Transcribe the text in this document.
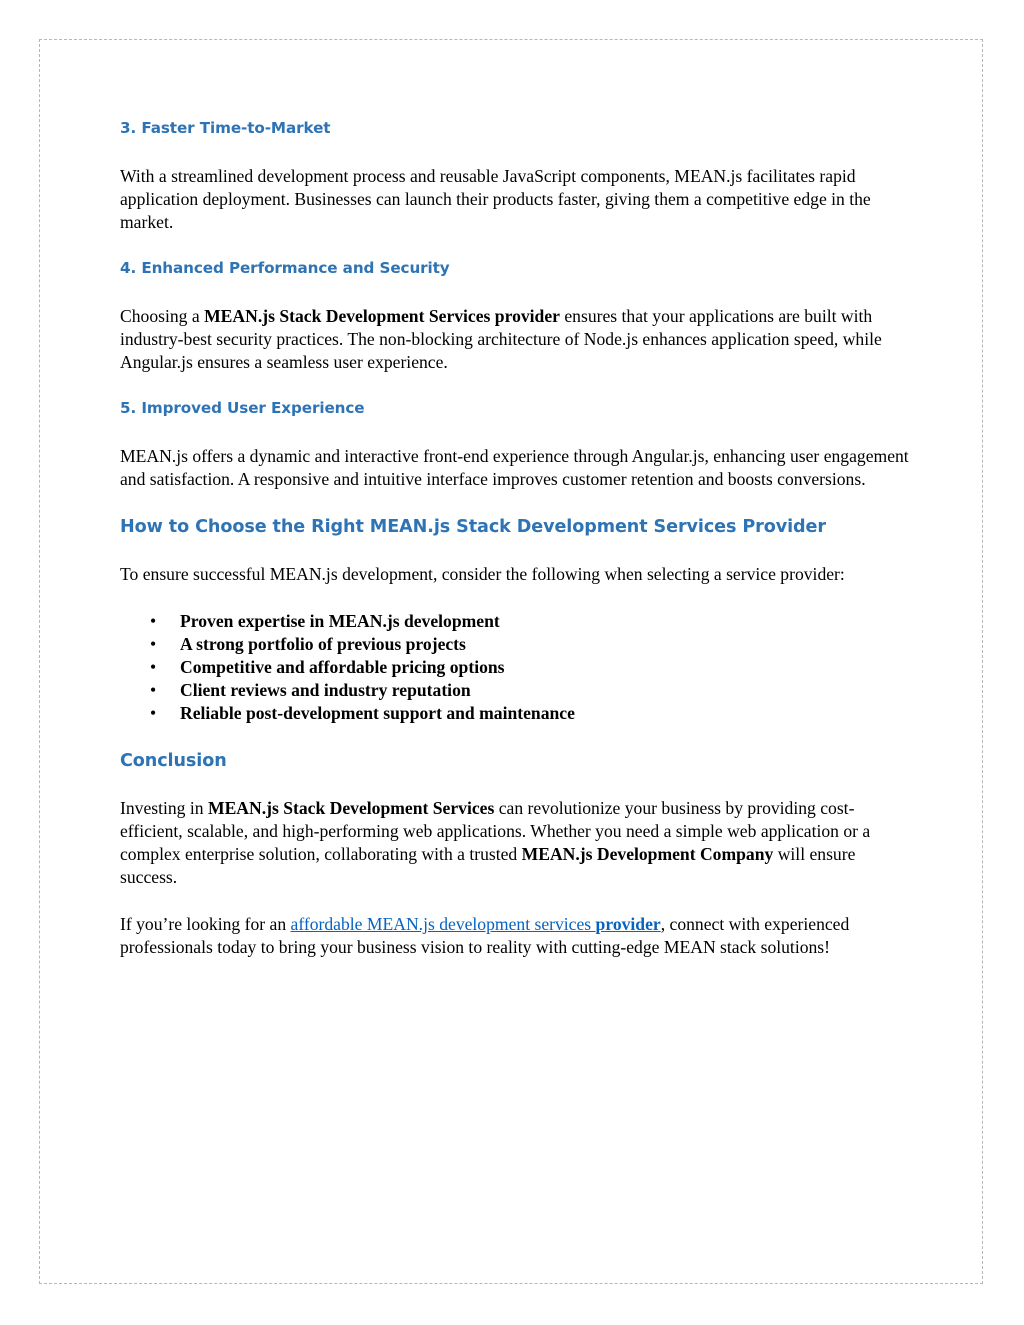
3. Faster Time-to-Market

With a streamlined development process and reusable JavaScript components, MEAN.js facilitates rapid application deployment. Businesses can launch their products faster, giving them a competitive edge in the market.

4. Enhanced Performance and Security

Choosing a MEAN.js Stack Development Services provider ensures that your applications are built with industry-best security practices. The non-blocking architecture of Node.js enhances application speed, while Angular.js ensures a seamless user experience.

5. Improved User Experience

MEAN.js offers a dynamic and interactive front-end experience through Angular.js, enhancing user engagement and satisfaction. A responsive and intuitive interface improves customer retention and boosts conversions.

How to Choose the Right MEAN.js Stack Development Services Provider

To ensure successful MEAN.js development, consider the following when selecting a service provider:

• Proven expertise in MEAN.js development
• A strong portfolio of previous projects
• Competitive and affordable pricing options
• Client reviews and industry reputation
• Reliable post-development support and maintenance
Conclusion

Investing in MEAN.js Stack Development Services can revolutionize your business by providing cost-efficient, scalable, and high-performing web applications. Whether you need a simple web application or a complex enterprise solution, collaborating with a trusted MEAN.js Development Company will ensure success.

If you’re looking for an affordable MEAN.js development services provider, connect with experienced professionals today to bring your business vision to reality with cutting-edge MEAN stack solutions!
